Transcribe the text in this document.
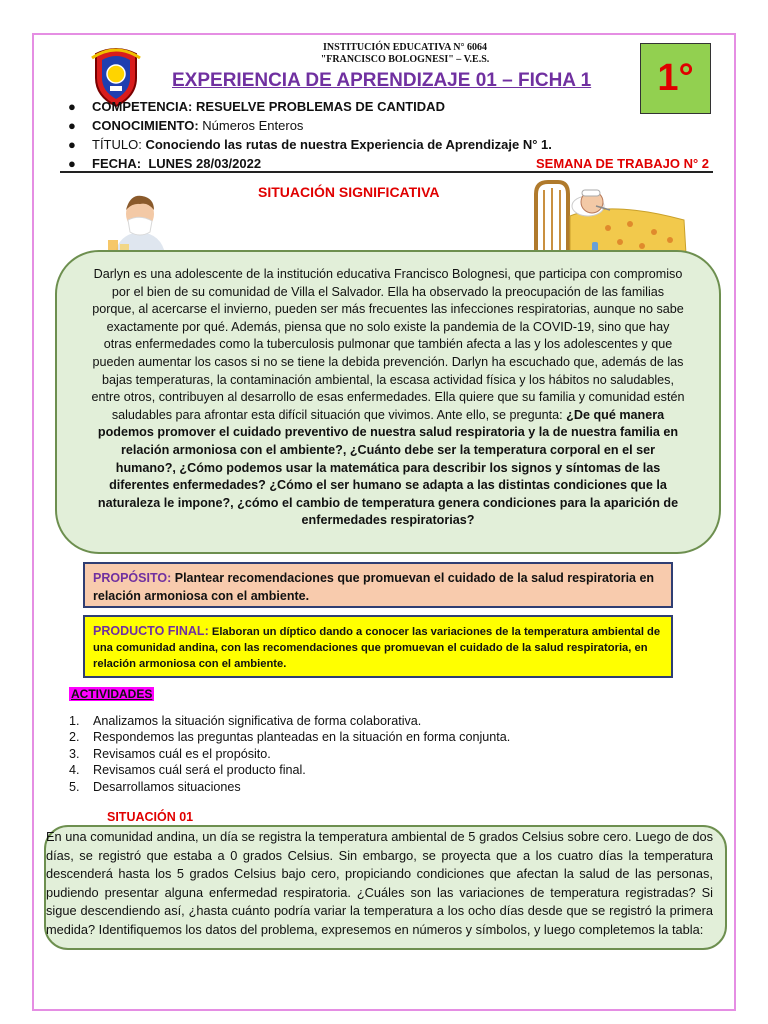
INSTITUCIÓN EDUCATIVA N° 6064
"FRANCISCO BOLOGNESI" – V.E.S.
EXPERIENCIA DE APRENDIZAJE 01 – FICHA 1 1°
● COMPETENCIA: RESUELVE PROBLEMAS DE CANTIDAD
● CONOCIMIENTO: Números Enteros
● TÍTULO: Conociendo las rutas de nuestra Experiencia de Aprendizaje N° 1.
● FECHA: LUNES 28/03/2022	SEMANA DE TRABAJO N° 2
SITUACIÓN SIGNIFICATIVA
Darlyn es una adolescente de la institución educativa Francisco Bolognesi, que participa con compromiso por el bien de su comunidad de Villa el Salvador. Ella ha observado la preocupación de las familias porque, al acercarse el invierno, pueden ser más frecuentes las infecciones respiratorias, aunque no sabe exactamente por qué. Además, piensa que no solo existe la pandemia de la COVID-19, sino que hay otras enfermedades como la tuberculosis pulmonar que también afecta a las y los adolescentes y que pueden aumentar los casos si no se tiene la debida prevención. Darlyn ha escuchado que, además de las bajas temperaturas, la contaminación ambiental, la escasa actividad física y los hábitos no saludables, entre otros, contribuyen al desarrollo de esas enfermedades. Ella quiere que su familia y comunidad estén saludables para afrontar esta difícil situación que vivimos. Ante ello, se pregunta: ¿De qué manera podemos promover el cuidado preventivo de nuestra salud respiratoria y la de nuestra familia en relación armoniosa con el ambiente?, ¿Cuánto debe ser la temperatura corporal en el ser humano?, ¿Cómo podemos usar la matemática para describir los signos y síntomas de las diferentes enfermedades? ¿Cómo el ser humano se adapta a las distintas condiciones que la naturaleza le impone?, ¿cómo el cambio de temperatura genera condiciones para la aparición de enfermedades respiratorias?
PROPÓSITO: Plantear recomendaciones que promuevan el cuidado de la salud respiratoria en relación armoniosa con el ambiente.
PRODUCTO FINAL: Elaboran un díptico dando a conocer las variaciones de la temperatura ambiental de una comunidad andina, con las recomendaciones que promuevan el cuidado de la salud respiratoria, en relación armoniosa con el ambiente.
ACTIVIDADES
1. Analizamos la situación significativa de forma colaborativa.
2. Respondemos las preguntas planteadas en la situación en forma conjunta.
3. Revisamos cuál es el propósito.
4. Revisamos cuál será el producto final.
5. Desarrollamos situaciones
SITUACIÓN 01
En una comunidad andina, un día se registra la temperatura ambiental de 5 grados Celsius sobre cero. Luego de dos días, se registró que estaba a 0 grados Celsius. Sin embargo, se proyecta que a los cuatro días la temperatura descenderá hasta los 5 grados Celsius bajo cero, propiciando condiciones que afectan la salud de las personas, pudiendo presentar alguna enfermedad respiratoria. ¿Cuáles son las variaciones de temperatura registradas? Si sigue descendiendo así, ¿hasta cuánto podría variar la temperatura a los ocho días desde que se registró la primera medida? Identifiquemos los datos del problema, expresemos en números y símbolos, y luego completemos la tabla:
